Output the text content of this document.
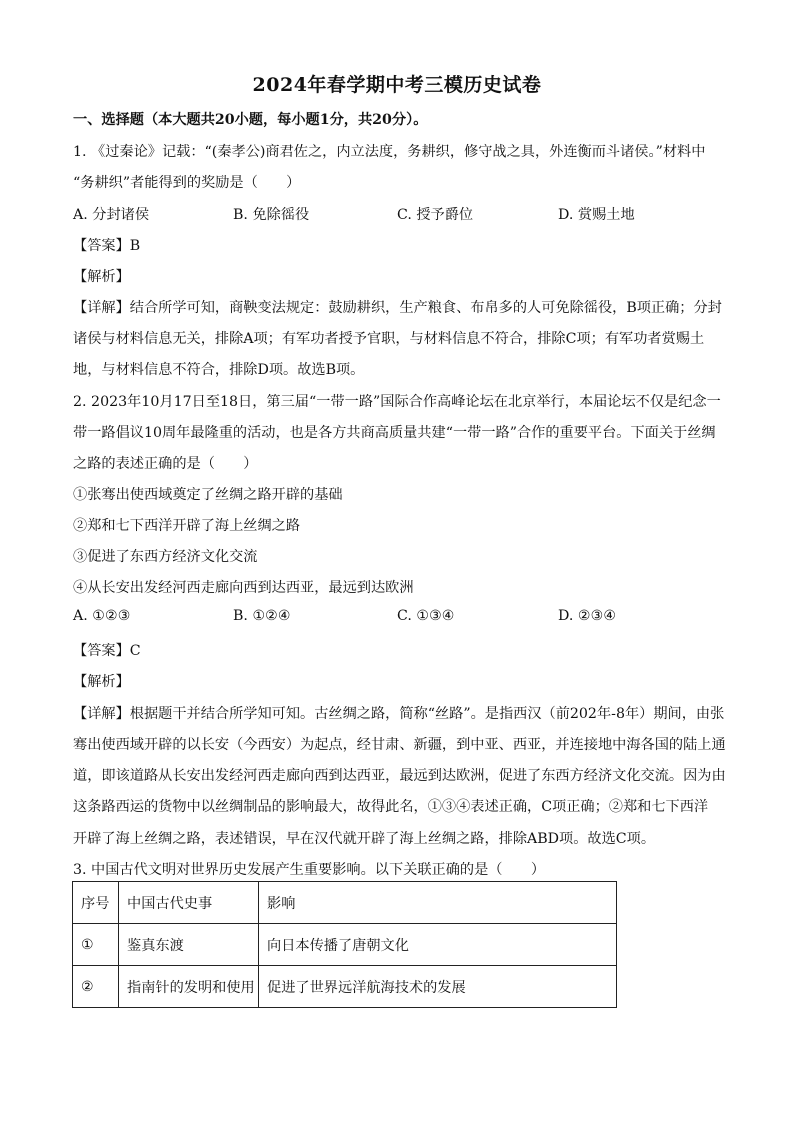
2024年春学期中考三模历史试卷
一、选择题（本大题共20小题，每小题1分，共20分）。
1. 《过秦论》记载：“(秦孝公)商君佐之，内立法度，务耕织，修守战之具，外连衡而斗诸侯。”材料中
“务耕织”者能得到的奖励是（　　）
A. 分封诸侯	B. 免除徭役	C. 授予爵位	D. 赏赐土地
【答案】B
【解析】
【详解】结合所学可知，商鞅变法规定：鼓励耕织，生产粮食、布帛多的人可免除徭役，B项正确；分封
诸侯与材料信息无关，排除A项；有军功者授予官职，与材料信息不符合，排除C项；有军功者赏赐土
地，与材料信息不符合，排除D项。故选B项。
2. 2023年10月17日至18日，第三届“一带一路”国际合作高峰论坛在北京举行，本届论坛不仅是纪念一
带一路倡议10周年最隆重的活动，也是各方共商高质量共建“一带一路”合作的重要平台。下面关于丝绸
之路的表述正确的是（　　）
①张骞出使西域奠定了丝绸之路开辟的基础
②郑和七下西洋开辟了海上丝绸之路
③促进了东西方经济文化交流
④从长安出发经河西走廊向西到达西亚，最远到达欧洲
A. ①②③	B. ①②④	C. ①③④	D. ②③④
【答案】C
【解析】
【详解】根据题干并结合所学知可知。古丝绸之路，简称“丝路”。是指西汉（前202年-8年）期间，由张
骞出使西域开辟的以长安（今西安）为起点，经甘肃、新疆，到中亚、西亚，并连接地中海各国的陆上通
道，即该道路从长安出发经河西走廊向西到达西亚，最远到达欧洲，促进了东西方经济文化交流。因为由
这条路西运的货物中以丝绸制品的影响最大，故得此名，①③④表述正确，C项正确；②郑和七下西洋
开辟了海上丝绸之路，表述错误，早在汉代就开辟了海上丝绸之路，排除ABD项。故选C项。
3. 中国古代文明对世界历史发展产生重要影响。以下关联正确的是（　　）
序号	中国古代史事	影响
①	鉴真东渡	向日本传播了唐朝文化
②	指南针的发明和使用	促进了世界远洋航海技术的发展
